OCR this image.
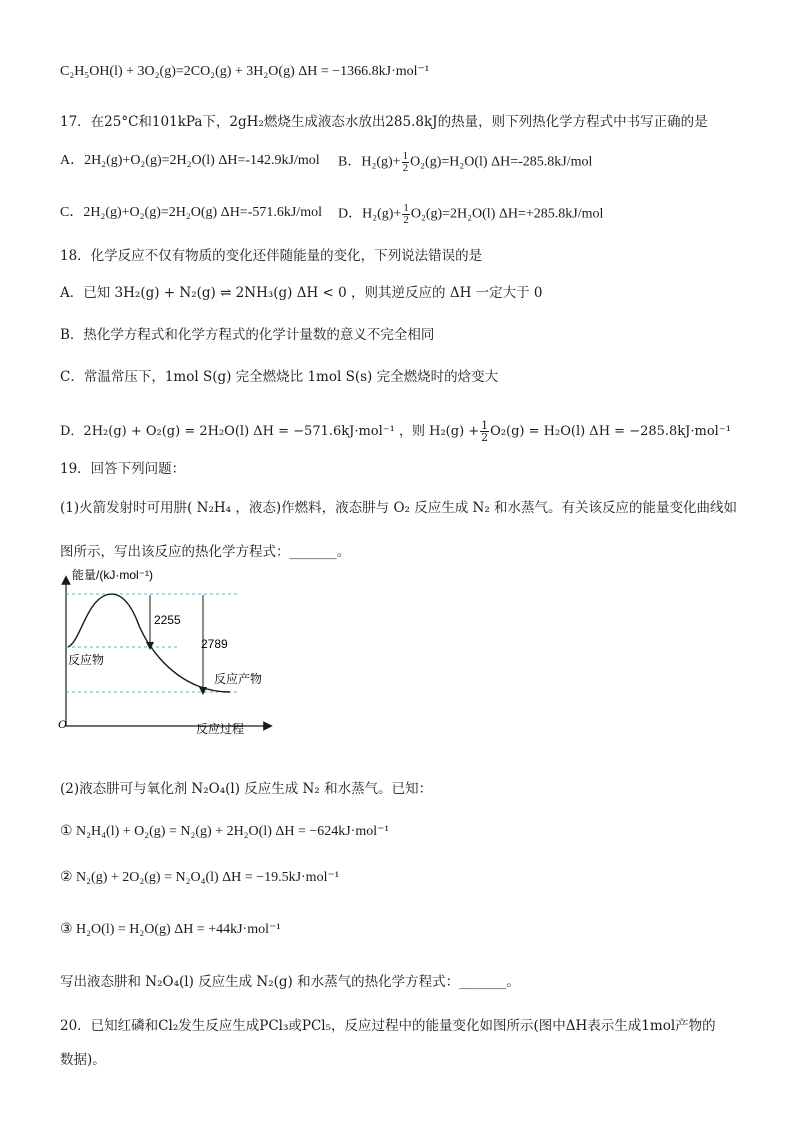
C₂H₅OH(l) + 3O₂(g)=2CO₂(g) + 3H₂O(g) ΔH = −1366.8kJ·mol⁻¹
17．在25°C和101kPa下，2gH₂燃烧生成液态水放出285.8kJ的热量，则下列热化学方程式中书写正确的是
A．2H₂(g)+O₂(g)=2H₂O(l) ΔH=-142.9kJ/mol B．$H_2(g)+ \frac{1}{2} O_2(g)=H_2O(l)$ ΔH=-285.8kJ/mol
C．2H₂(g)+O₂(g)=2H₂O(g) ΔH=-571.6kJ/mol D．$H_2(g)+ \frac{1}{2} O_2(g)=2H_2O(l)$ ΔH=+285.8kJ/mol
18．化学反应不仅有物质的变化还伴随能量的变化，下列说法错误的是
A．已知 3H₂(g) + N₂(g) ⇌ 2NH₃(g) ΔH < 0 ，则其逆反应的 ΔH 一定大于 0
B．热化学方程式和化学方程式的化学计量数的意义不完全相同
C．常温常压下，1mol S(g) 完全燃烧比 1mol S(s) 完全燃烧时的焓变大
D．2H₂(g) + O₂(g) = 2H₂O(l) ΔH = −571.6kJ·mol⁻¹ ，则 $H_2(g) + \frac{1}{2} O_2(g) = H_2O(l) \Delta H = -285.8kJ\cdot mol^{-1}$
19．回答下列问题：
(1)火箭发射时可用肼( N₂H₄ ，液态)作燃料，液态肼与 O₂ 反应生成 N₂ 和水蒸气。有关该反应的能量变化曲线如
图所示，写出该反应的热化学方程式：_______。
能量/(kJ·mol⁻¹)
2255
2789
反应物
反应产物
O	反应过程
(2)液态肼可与氧化剂 N₂O₄(l) 反应生成 N₂ 和水蒸气。已知：
① N₂H₄(l) + O₂(g) = N₂(g) + 2H₂O(l) ΔH = −624kJ·mol⁻¹
② N₂(g) + 2O₂(g) = N₂O₄(l) ΔH = −19.5kJ·mol⁻¹
③ H₂O(l) = H₂O(g) ΔH = +44kJ·mol⁻¹
写出液态肼和 N₂O₄(l) 反应生成 N₂(g) 和水蒸气的热化学方程式：_______。
20．已知红磷和Cl₂发生反应生成PCl₃或PCl₅，反应过程中的能量变化如图所示(图中ΔH表示生成1mol产物的
数据)。
